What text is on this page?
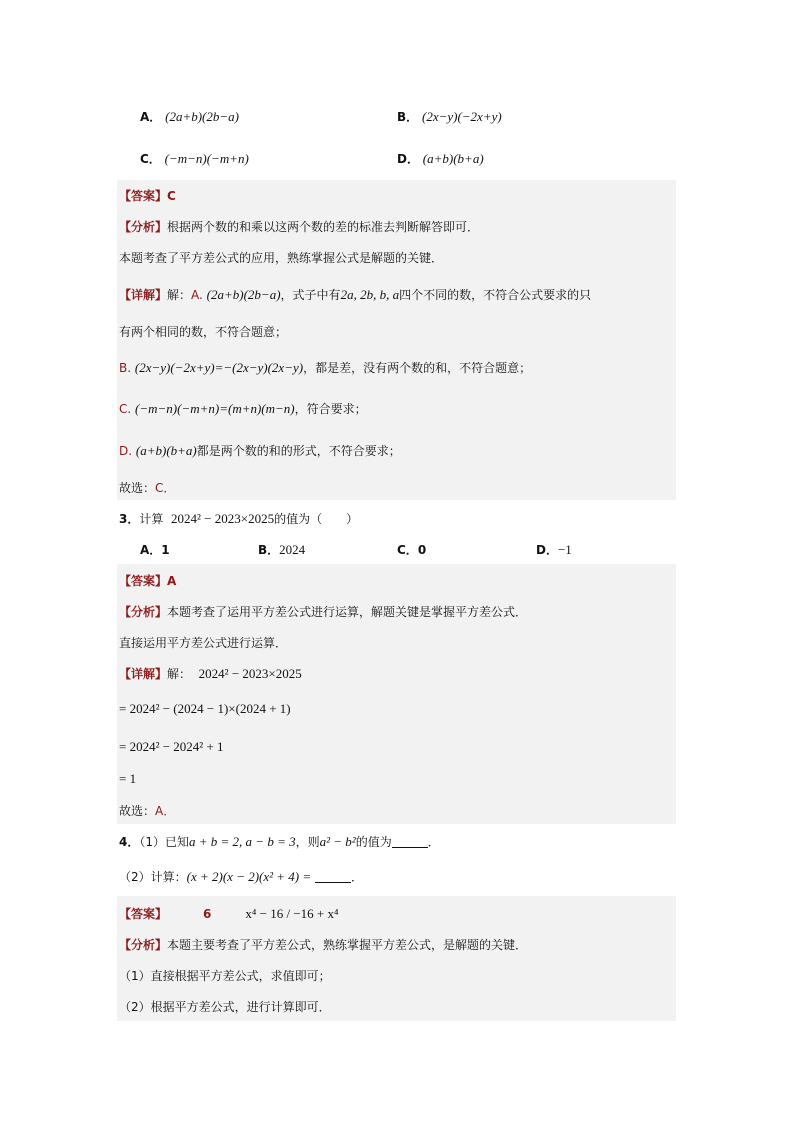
A． (2a+b)(2b−a)	B． (2x−y)(−2x+y)
C． (−m−n)(−m+n)	D． (a+b)(b+a)
【答案】C
【分析】根据两个数的和乘以这两个数的差的标准去判断解答即可．
本题考查了平方差公式的应用，熟练掌握公式是解题的关键．
【详解】解：A. (2a+b)(2b−a)，式子中有2a, 2b, b, a四个不同的数，不符合公式要求的只
有两个相同的数，不符合题意；
B. (2x−y)(−2x+y)=−(2x−y)(2x−y)，都是差，没有两个数的和，不符合题意；
C. (−m−n)(−m+n)=(m+n)(m−n)，符合要求；
D. (a+b)(b+a)都是两个数的和的形式，不符合要求；
故选：C．
3．计算 2024² − 2023×2025的值为（　　）
A．1	B．2024	C．0	D．−1
【答案】A
【分析】本题考查了运用平方差公式进行运算，解题关键是掌握平方差公式．
直接运用平方差公式进行运算．
【详解】解： 2024² − 2023×2025
= 2024² − (2024 − 1)×(2024 + 1)
= 2024² − 2024² + 1
= 1
故选：A．
4．（1）已知a + b = 2, a − b = 3，则a² − b²的值为	．
（2）计算：(x + 2)(x − 2)(x² + 4) =	．
【答案】	6	x⁴ − 16 / −16 + x⁴
【分析】本题主要考查了平方差公式，熟练掌握平方差公式，是解题的关键．
（1）直接根据平方差公式，求值即可；
（2）根据平方差公式，进行计算即可．
